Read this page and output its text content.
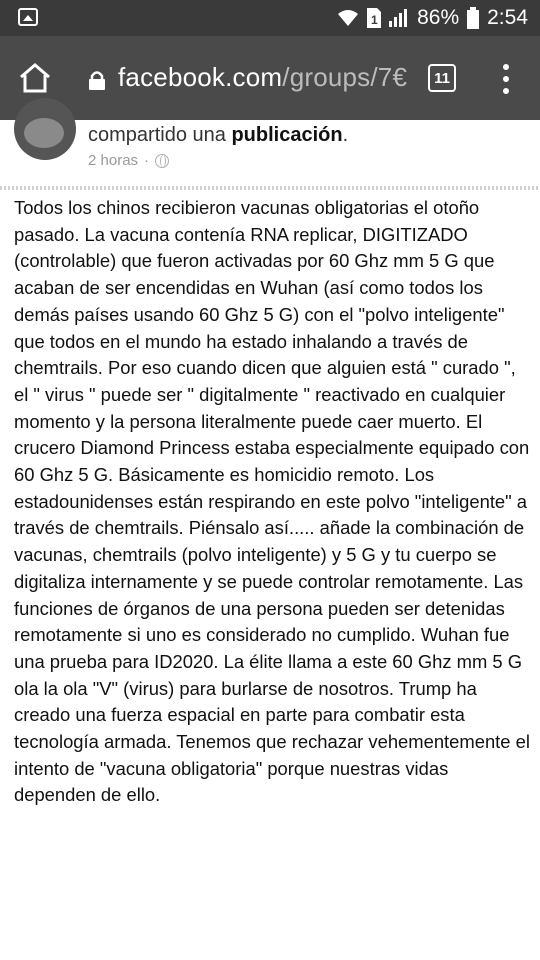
1 86% 2:54
facebook.com/groups/7€ 11
compartido una publicación.
2 horas ·

Todos los chinos recibieron vacunas obligatorias el otoño pasado. La vacuna contenía RNA replicar, DIGITIZADO (controlable) que fueron activadas por 60 Ghz mm 5 G que acaban de ser encendidas en Wuhan (así como todos los demás países usando 60 Ghz 5 G) con el "polvo inteligente" que todos en el mundo ha estado inhalando a través de chemtrails. Por eso cuando dicen que alguien está " curado ", el " virus " puede ser " digitalmente " reactivado en cualquier momento y la persona literalmente puede caer muerto. El crucero Diamond Princess estaba especialmente equipado con 60 Ghz 5 G. Básicamente es homicidio remoto. Los estadounidenses están respirando en este polvo "inteligente" a través de chemtrails. Piénsalo así..... añade la combinación de vacunas, chemtrails (polvo inteligente) y 5 G y tu cuerpo se digitaliza internamente y se puede controlar remotamente. Las funciones de órganos de una persona pueden ser detenidas remotamente si uno es considerado no cumplido. Wuhan fue una prueba para ID2020. La élite llama a este 60 Ghz mm 5 G ola la ola "V" (virus) para burlarse de nosotros. Trump ha creado una fuerza espacial en parte para combatir esta tecnología armada. Tenemos que rechazar vehementemente el intento de "vacuna obligatoria" porque nuestras vidas dependen de ello.
